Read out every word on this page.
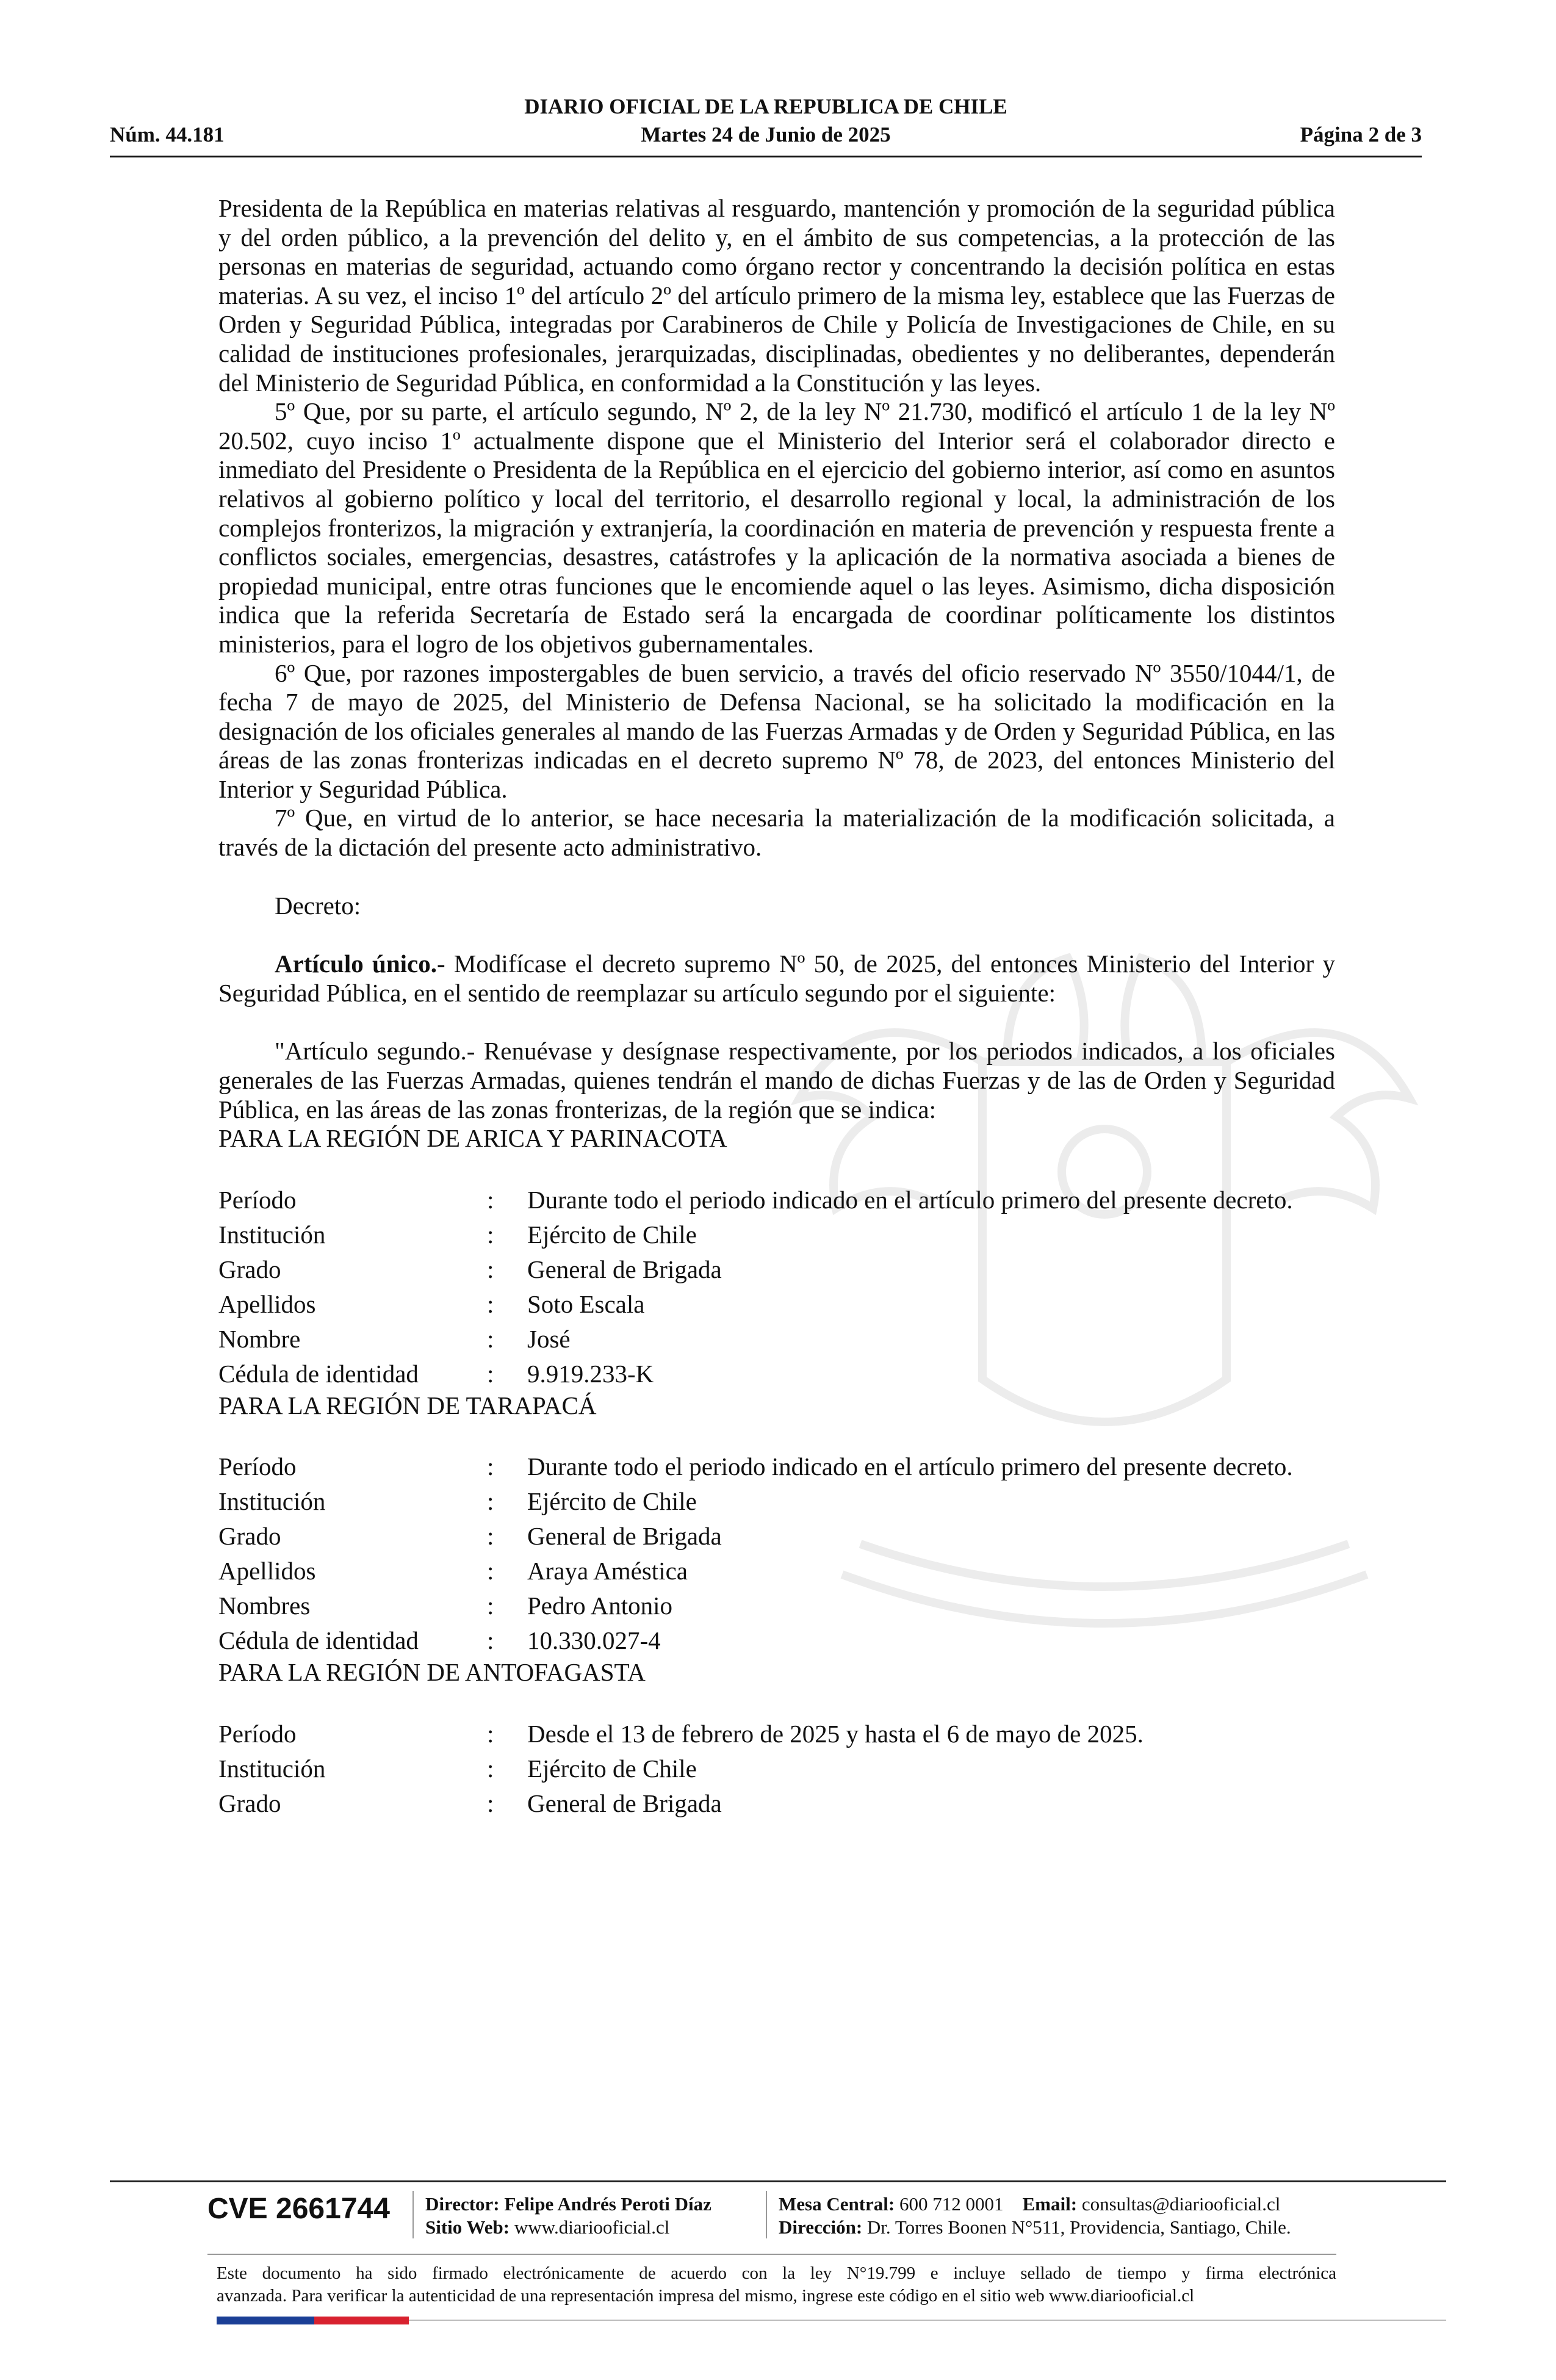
DIARIO OFICIAL DE LA REPUBLICA DE CHILE
Núm. 44.181	Martes 24 de Junio de 2025	Página 2 de 3

Presidenta de la República en materias relativas al resguardo, mantención y promoción de la seguridad pública y del orden público, a la prevención del delito y, en el ámbito de sus competencias, a la protección de las personas en materias de seguridad, actuando como órgano rector y concentrando la decisión política en estas materias. A su vez, el inciso 1º del artículo 2º del artículo primero de la misma ley, establece que las Fuerzas de Orden y Seguridad Pública, integradas por Carabineros de Chile y Policía de Investigaciones de Chile, en su calidad de instituciones profesionales, jerarquizadas, disciplinadas, obedientes y no deliberantes, dependerán del Ministerio de Seguridad Pública, en conformidad a la Constitución y las leyes.

5º Que, por su parte, el artículo segundo, Nº 2, de la ley Nº 21.730, modificó el artículo 1 de la ley Nº 20.502, cuyo inciso 1º actualmente dispone que el Ministerio del Interior será el colaborador directo e inmediato del Presidente o Presidenta de la República en el ejercicio del gobierno interior, así como en asuntos relativos al gobierno político y local del territorio, el desarrollo regional y local, la administración de los complejos fronterizos, la migración y extranjería, la coordinación en materia de prevención y respuesta frente a conflictos sociales, emergencias, desastres, catástrofes y la aplicación de la normativa asociada a bienes de propiedad municipal, entre otras funciones que le encomiende aquel o las leyes. Asimismo, dicha disposición indica que la referida Secretaría de Estado será la encargada de coordinar políticamente los distintos ministerios, para el logro de los objetivos gubernamentales.

6º Que, por razones impostergables de buen servicio, a través del oficio reservado Nº 3550/1044/1, de fecha 7 de mayo de 2025, del Ministerio de Defensa Nacional, se ha solicitado la modificación en la designación de los oficiales generales al mando de las Fuerzas Armadas y de Orden y Seguridad Pública, en las áreas de las zonas fronterizas indicadas en el decreto supremo Nº 78, de 2023, del entonces Ministerio del Interior y Seguridad Pública.

7º Que, en virtud de lo anterior, se hace necesaria la materialización de la modificación solicitada, a través de la dictación del presente acto administrativo.

Decreto:

Artículo único.- Modifícase el decreto supremo Nº 50, de 2025, del entonces Ministerio del Interior y Seguridad Pública, en el sentido de reemplazar su artículo segundo por el siguiente:

"Artículo segundo.- Renuévase y desígnase respectivamente, por los periodos indicados, a los oficiales generales de las Fuerzas Armadas, quienes tendrán el mando de dichas Fuerzas y de las de Orden y Seguridad Pública, en las áreas de las zonas fronterizas, de la región que se indica:

PARA LA REGIÓN DE ARICA Y PARINACOTA

Período	:	Durante todo el periodo indicado en el artículo primero del presente decreto.
Institución	:	Ejército de Chile
Grado	:	General de Brigada
Apellidos	:	Soto Escala
Nombre	:	José
Cédula de identidad	:	9.919.233-K

PARA LA REGIÓN DE TARAPACÁ

Período	:	Durante todo el periodo indicado en el artículo primero del presente decreto.
Institución	:	Ejército de Chile
Grado	:	General de Brigada
Apellidos	:	Araya Améstica
Nombres	:	Pedro Antonio
Cédula de identidad	:	10.330.027-4

PARA LA REGIÓN DE ANTOFAGASTA

Período	:	Desde el 13 de febrero de 2025 y hasta el 6 de mayo de 2025.
Institución	:	Ejército de Chile
Grado	:	General de Brigada
CVE 2661744 Director: Felipe Andrés Peroti Díaz
Sitio Web: www.diariooficial.cl
Mesa Central: 600 712 0001 Email: consultas@diariooficial.cl
Dirección: Dr. Torres Boonen N°511, Providencia, Santiago, Chile.
Este documento ha sido firmado electrónicamente de acuerdo con la ley N°19.799 e incluye sellado de tiempo y firma electrónica
avanzada. Para verificar la autenticidad de una representación impresa del mismo, ingrese este código en el sitio web www.diariooficial.cl
